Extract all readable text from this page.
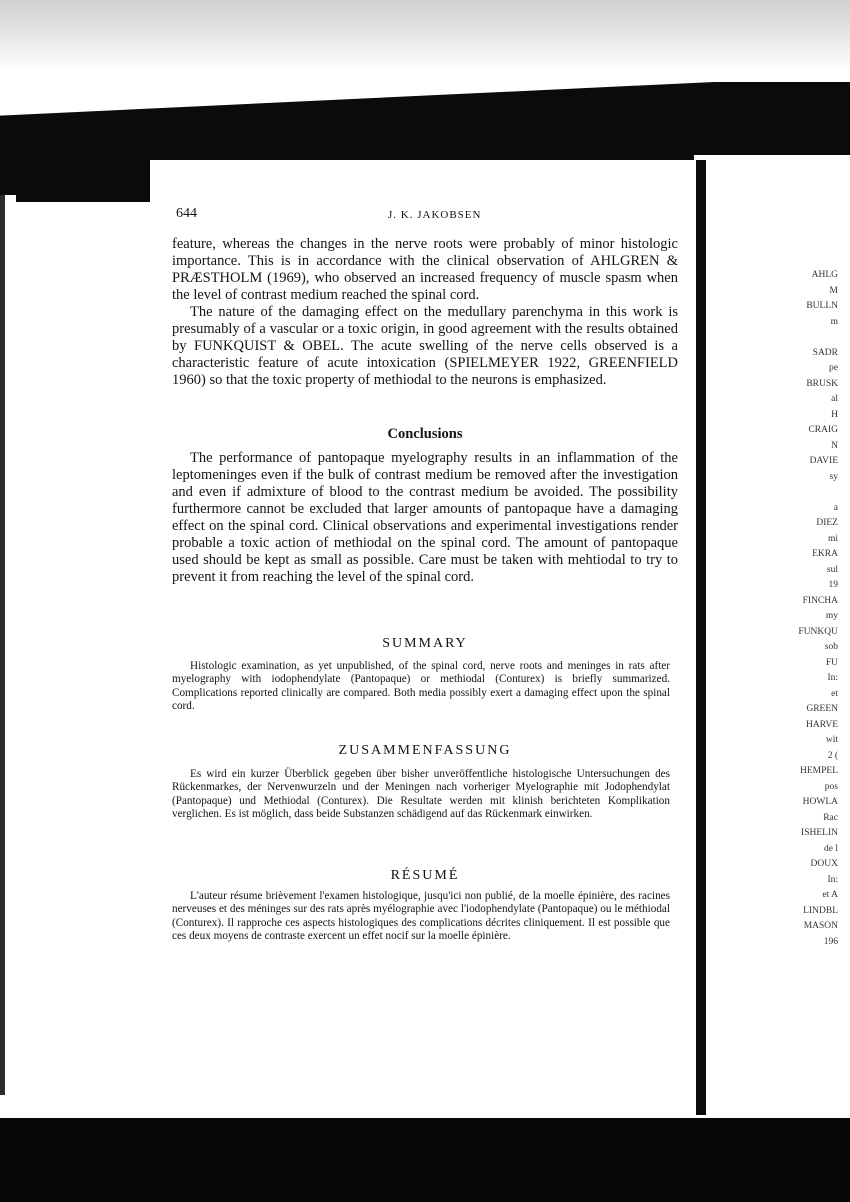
644	J. K. JAKOBSEN

feature, whereas the changes in the nerve roots were probably of minor histologic importance. This is in accordance with the clinical observation of AHLGREN & PRÆSTHOLM (1969), who observed an increased frequency of muscle spasm when the level of contrast medium reached the spinal cord.

The nature of the damaging effect on the medullary parenchyma in this work is presumably of a vascular or a toxic origin, in good agreement with the results obtained by FUNKQUIST & OBEL. The acute swelling of the nerve cells observed is a characteristic feature of acute intoxication (SPIELMEYER 1922, GREENFIELD 1960) so that the toxic property of methiodal to the neurons is emphasized.

Conclusions

The performance of pantopaque myelography results in an inflammation of the leptomeninges even if the bulk of contrast medium be removed after the investigation and even if admixture of blood to the contrast medium be avoided. The possibility furthermore cannot be excluded that larger amounts of pantopaque have a damaging effect on the spinal cord. Clinical observations and experimental investigations render probable a toxic action of methiodal on the spinal cord. The amount of pantopaque used should be kept as small as possible. Care must be taken with mehtiodal to try to prevent it from reaching the level of the spinal cord.

SUMMARY

Histologic examination, as yet unpublished, of the spinal cord, nerve roots and meninges in rats after myelography with iodophendylate (Pantopaque) or methiodal (Conturex) is briefly summarized. Complications reported clinically are compared. Both media possibly exert a damaging effect upon the spinal cord.

ZUSAMMENFASSUNG

Es wird ein kurzer Überblick gegeben über bisher unveröffentliche histologische Untersuchungen des Rückenmarkes, der Nervenwurzeln und der Meningen nach vorheriger Myelographie mit Jodophendylat (Pantopaque) und Methiodal (Conturex). Die Resultate werden mit klinish berichteten Komplikation verglichen. Es ist möglich, dass beide Substanzen schädigend auf das Rückenmark einwirken.

RÉSUMÉ

L'auteur résume brièvement l'examen histologique, jusqu'ici non publié, de la moelle épinière, des racines nerveuses et des méninges sur des rats après myélographie avec l'iodophendylate (Pantopaque) ou le méthiodal (Conturex). Il rapproche ces aspects histologiques des complications décrites cliniquement. Il est possible que ces deux moyens de contraste exercent un effet nocif sur la moelle épinière.

AHLG
M
BULLN
m
SADR
pe
BRUSK
al
H
CRAIG
N
DAVIE
sy
a
DIEZ
mi
EKRA
sul
19
FINCHA
my
FUNKQU
sob
FU
In:
et
GREEN
HARVE
wit
2 (
HEMPEL
pos
HOWLA
Rac
ISHELIN
de l
DOUX
In:
et A
LINDBL
MASON
196
